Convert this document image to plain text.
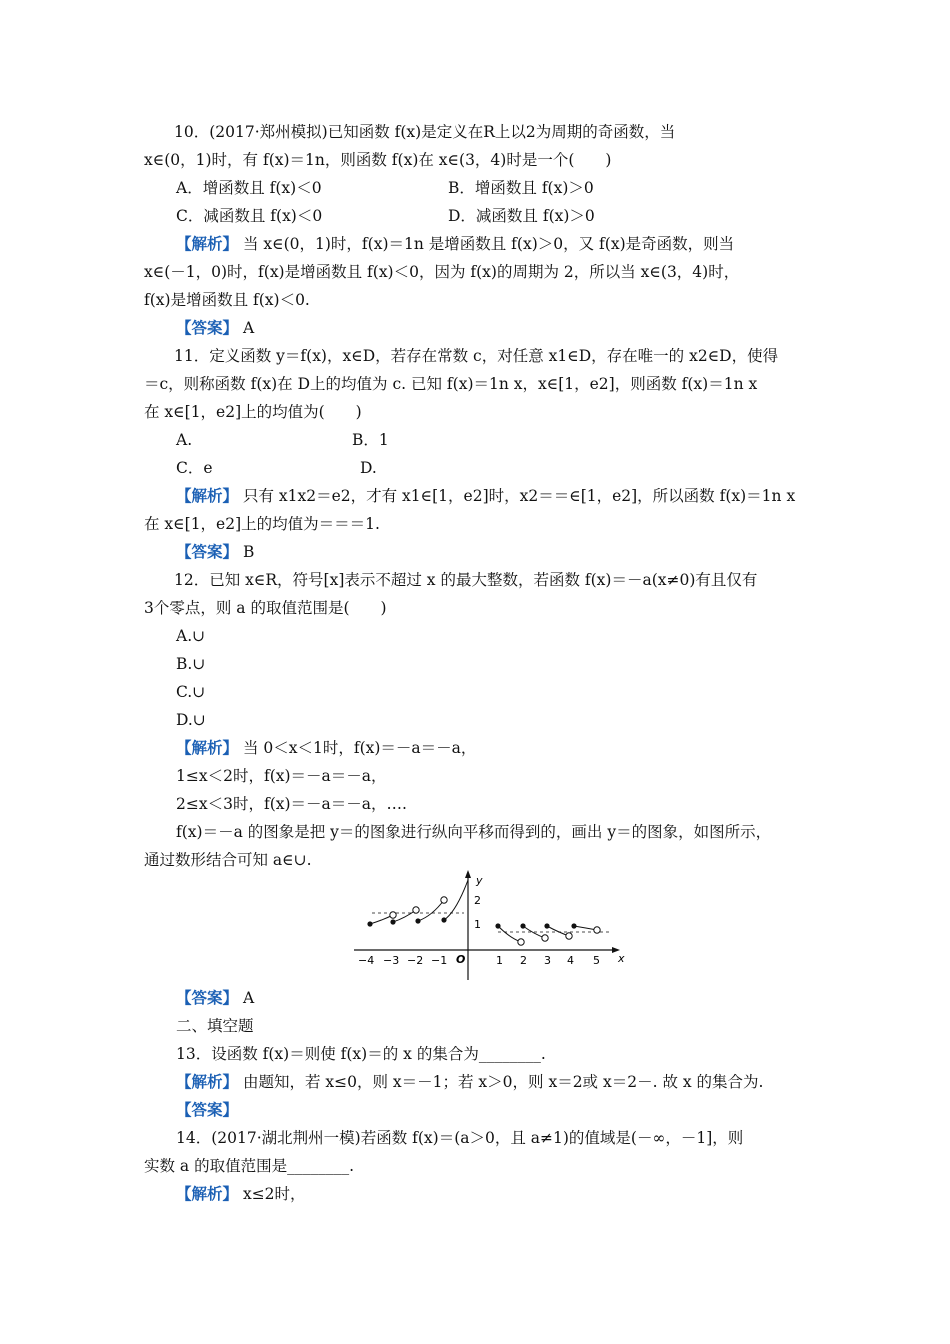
10．(2017·郑州模拟)已知函数 f(x)是定义在R上以2为周期的奇函数，当
x∈(0，1)时，有 f(x)＝1n，则函数 f(x)在 x∈(3，4)时是一个(　　)
A．增函数且 f(x)＜0	B．增函数且 f(x)＞0
C．减函数且 f(x)＜0	D．减函数且 f(x)＞0
【解析】 当 x∈(0，1)时，f(x)＝1n 是增函数且 f(x)＞0，又 f(x)是奇函数，则当
x∈(－1，0)时，f(x)是增函数且 f(x)＜0，因为 f(x)的周期为 2，所以当 x∈(3，4)时，
f(x)是增函数且 f(x)＜0.
【答案】 A
11．定义函数 y＝f(x)，x∈D，若存在常数 c，对任意 x1∈D，存在唯一的 x2∈D，使得
＝c，则称函数 f(x)在 D上的均值为 c. 已知 f(x)＝1n x，x∈[1，e2]，则函数 f(x)＝1n x
在 x∈[1，e2]上的均值为(　　)
A.	B．1
C．e	D.
【解析】 只有 x1x2＝e2，才有 x1∈[1，e2]时，x2＝＝∈[1，e2]，所以函数 f(x)＝1n x
在 x∈[1，e2]上的均值为＝＝＝1.
【答案】 B
12．已知 x∈R，符号[x]表示不超过 x 的最大整数，若函数 f(x)＝－a(x≠0)有且仅有
3个零点，则 a 的取值范围是(　　)
A.∪
B.∪
C.∪
D.∪
【解析】 当 0＜x＜1时，f(x)＝－a＝－a，
1≤x＜2时，f(x)＝－a＝－a，
2≤x＜3时，f(x)＝－a＝－a，….
f(x)＝－a 的图象是把 y＝的图象进行纵向平移而得到的，画出 y＝的图象，如图所示，
通过数形结合可知 a∈∪.
x
y
O
−4 −3 −2 −1	1 2 3 4 5
2
1
【答案】 A
二、填空题
13．设函数 f(x)＝则使 f(x)＝的 x 的集合为________.
【解析】 由题知，若 x≤0，则 x＝－1；若 x＞0，则 x＝2或 x＝2－. 故 x 的集合为.
【答案】
14．(2017·湖北荆州一模)若函数 f(x)＝(a＞0，且 a≠1)的值域是(－∞，－1]，则
实数 a 的取值范围是________.
【解析】 x≤2时，
